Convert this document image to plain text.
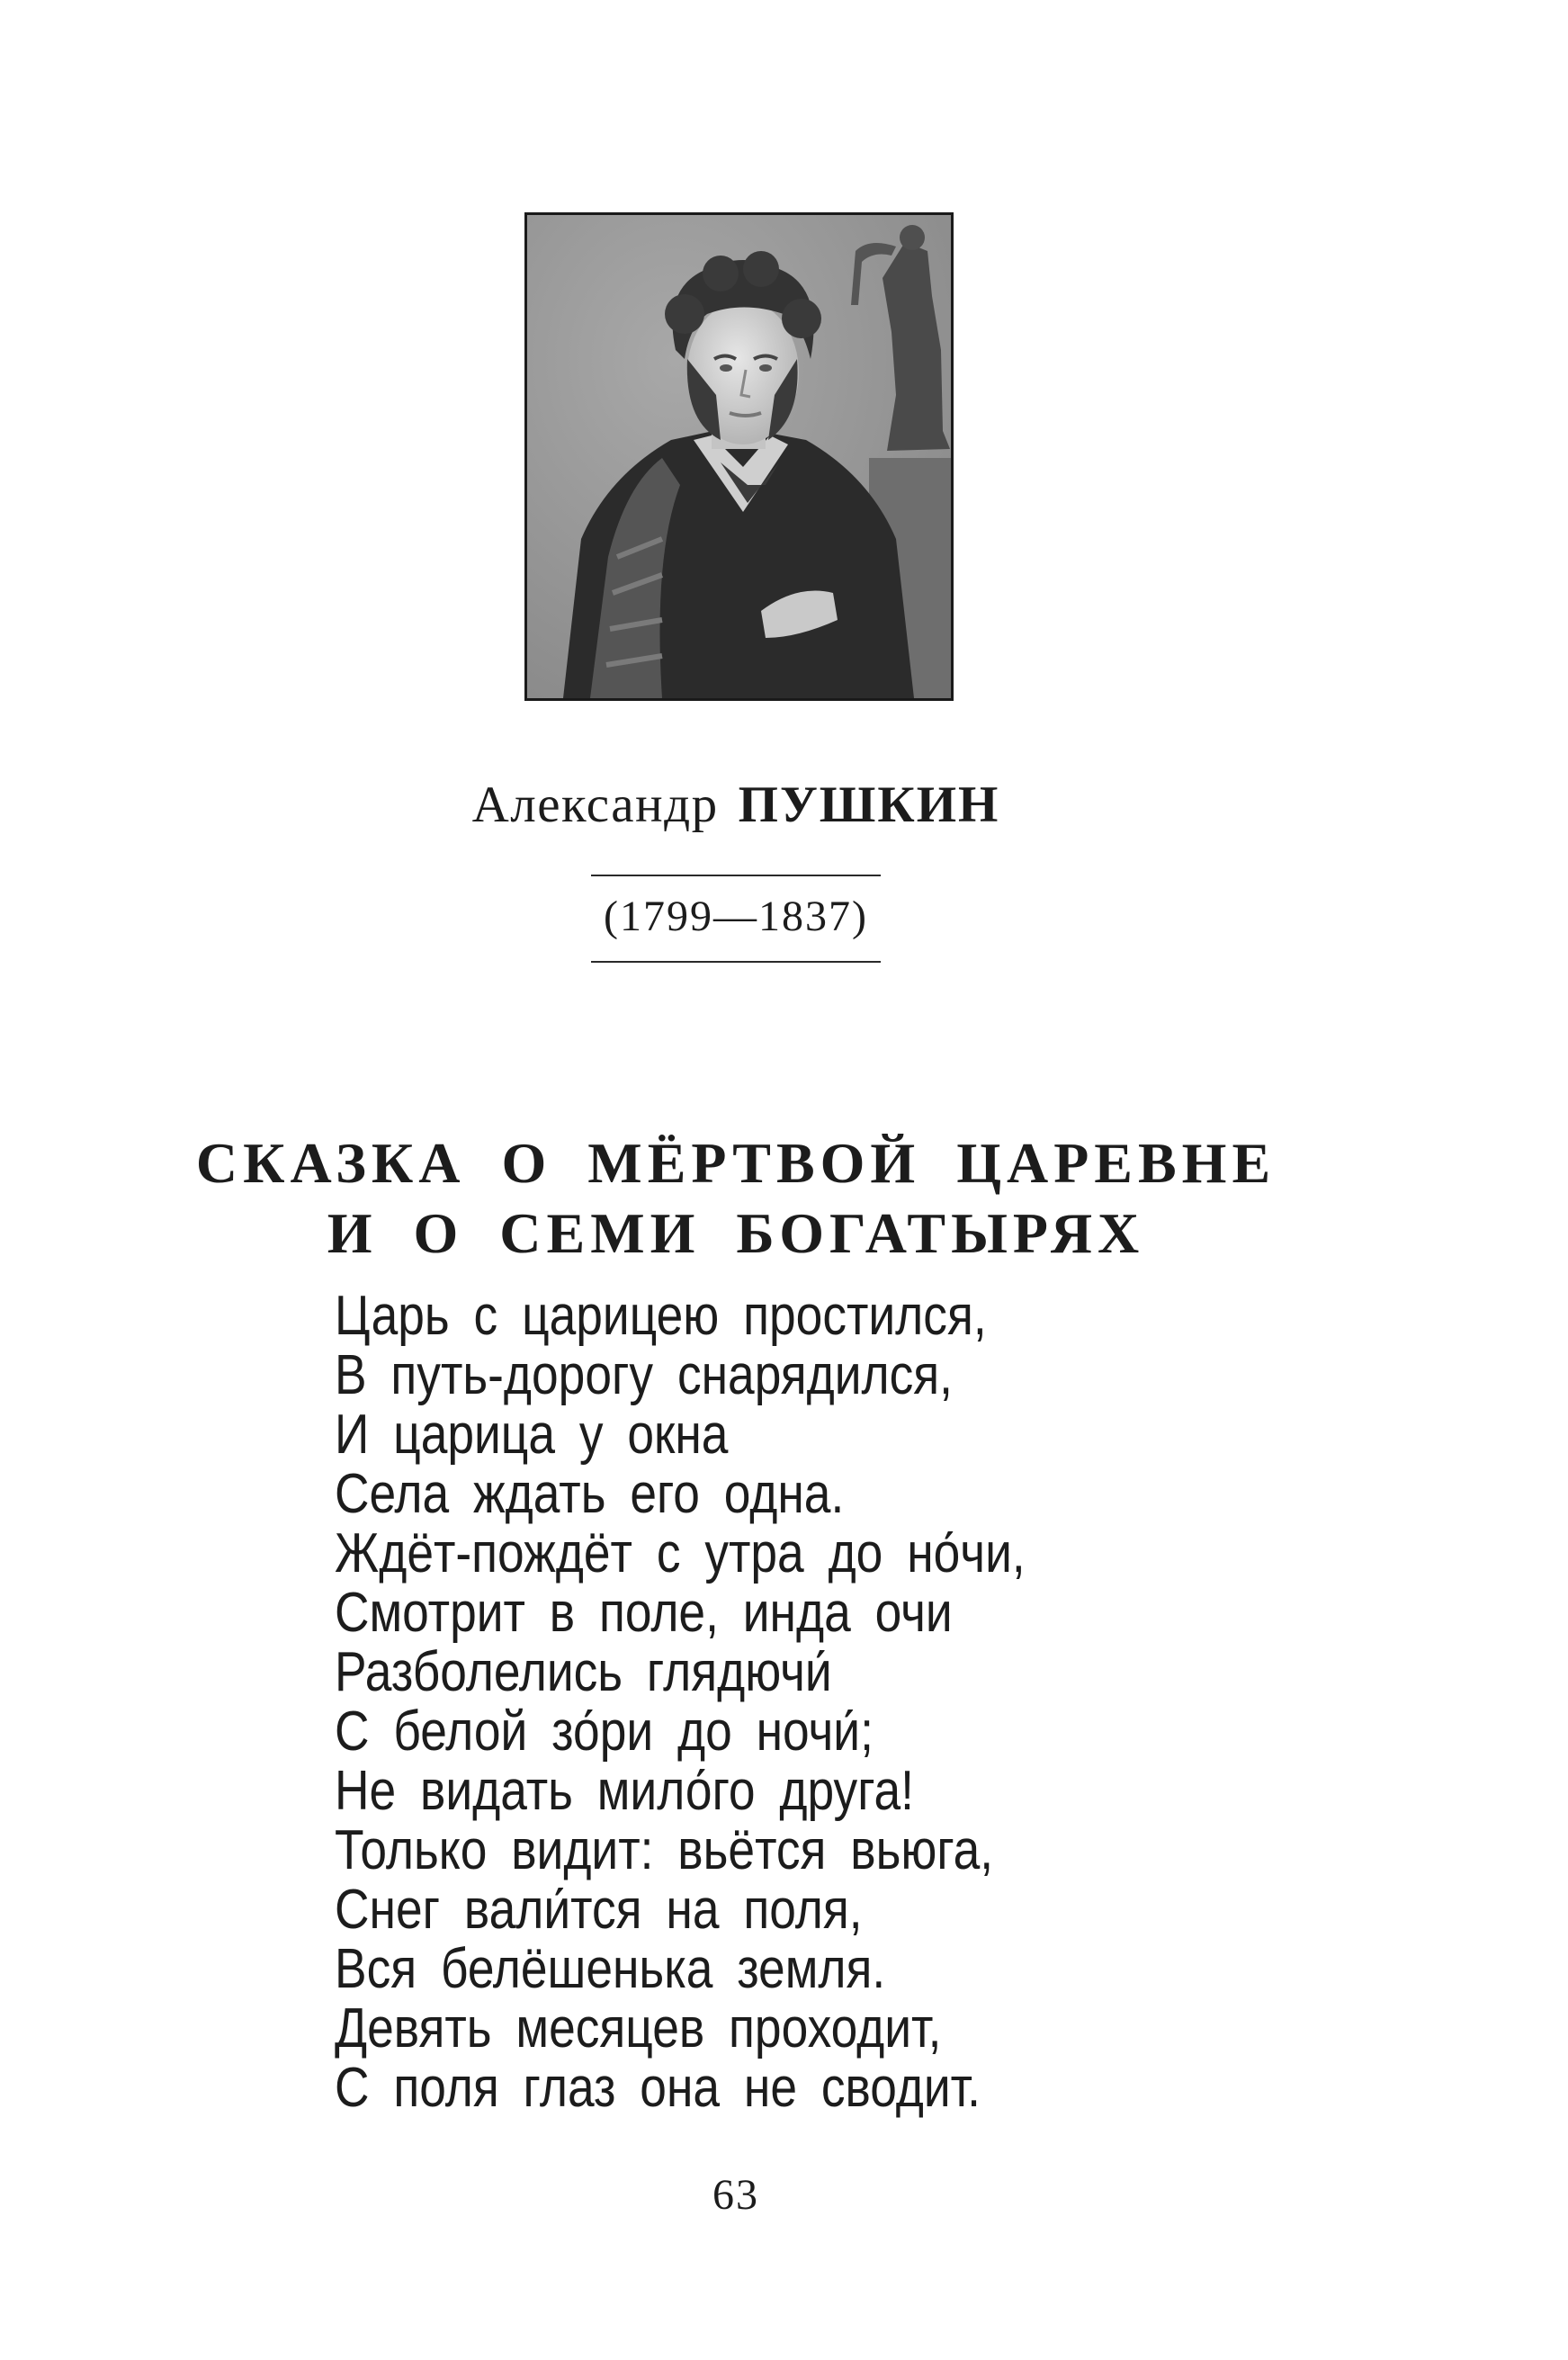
Александр ПУШКИН
(1799—1837)
СКАЗКА О МЁРТВОЙ ЦАРЕВНЕ
И О СЕМИ БОГАТЫРЯХ
Царь с царицею простился,
В путь-дорогу снарядился,
И царица у окна
Села ждать его одна.
Ждёт-пождёт с утра до но́чи,
Смотрит в поле, инда очи
Разболелись глядючи́
С белой зо́ри до ночи́;
Не видать мило́го друга!
Только видит: вьётся вьюга,
Снег вали́тся на поля,
Вся белёшенька земля.
Девять месяцев проходит,
С поля глаз она не сводит.
63
